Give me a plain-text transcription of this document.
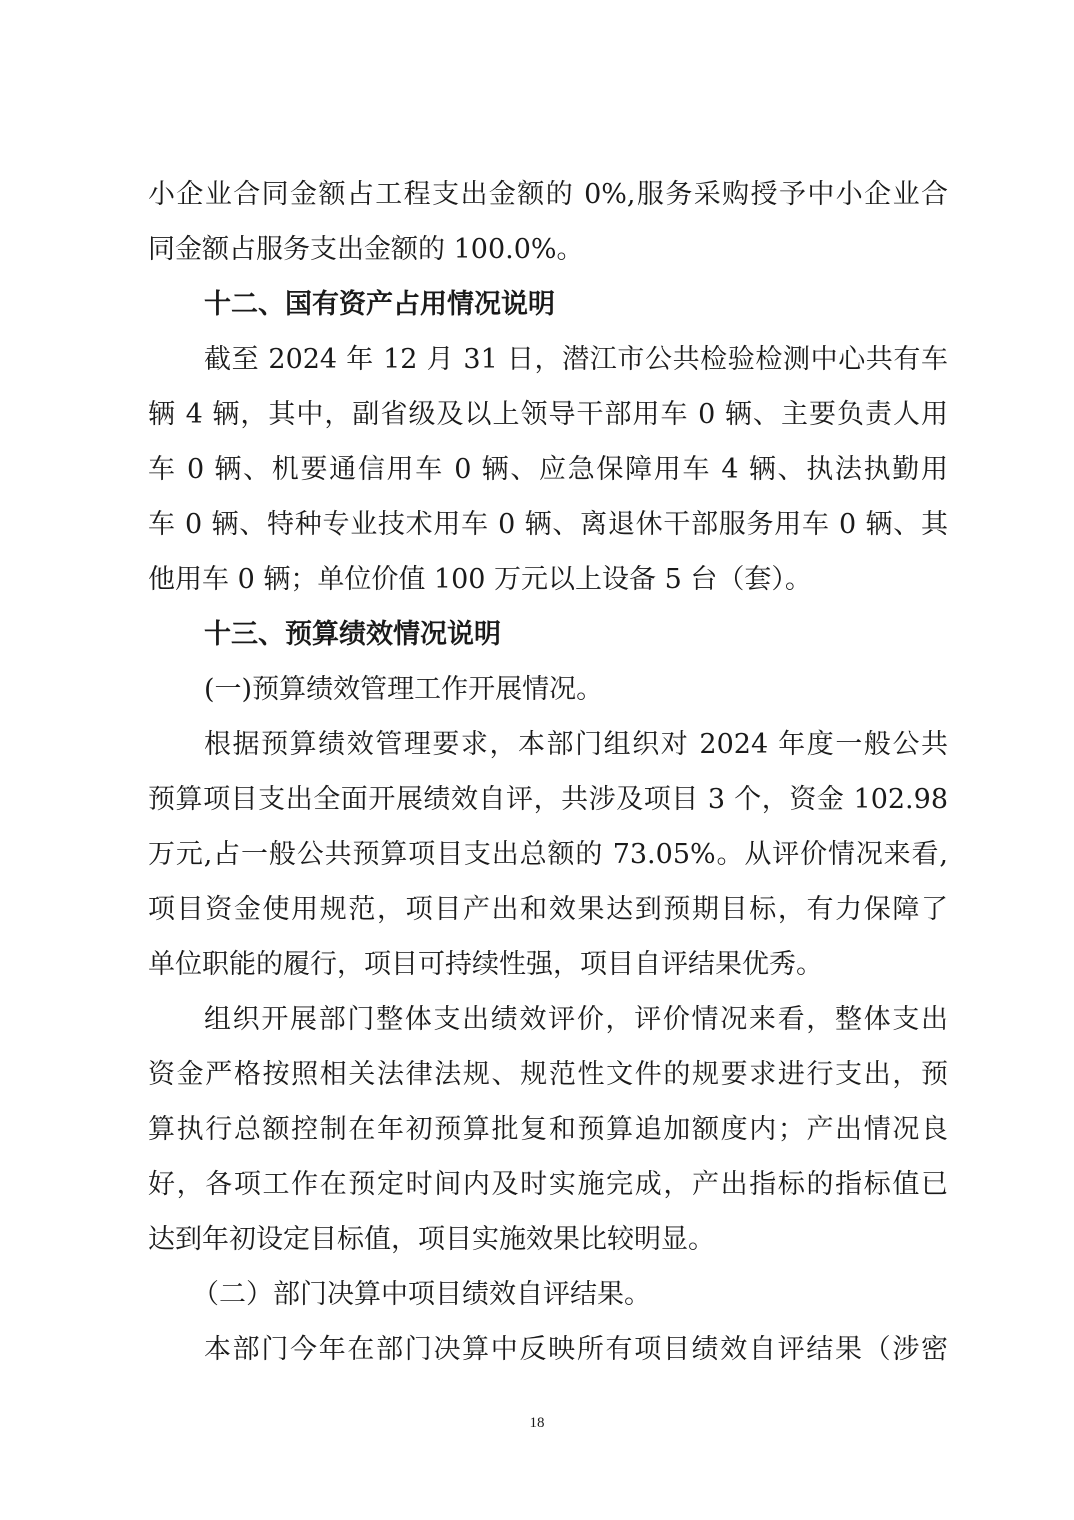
小企业合同金额占工程支出金额的 0%,服务采购授予中小企业合

同金额占服务支出金额的 100.0%。

十二、国有资产占用情况说明

截至 2024 年 12 月 31 日，潜江市公共检验检测中心共有车

辆 4 辆，其中，副省级及以上领导干部用车 0 辆、主要负责人用

车 0 辆、机要通信用车 0 辆、应急保障用车 4 辆、执法执勤用

车 0 辆、特种专业技术用车 0 辆、离退休干部服务用车 0 辆、其

他用车 0 辆；单位价值 100 万元以上设备 5 台（套）。

十三、预算绩效情况说明

(一)预算绩效管理工作开展情况。

根据预算绩效管理要求，本部门组织对 2024 年度一般公共

预算项目支出全面开展绩效自评，共涉及项目 3 个，资金 102.98

万元,占一般公共预算项目支出总额的 73.05%。从评价情况来看,

项目资金使用规范，项目产出和效果达到预期目标，有力保障了

单位职能的履行，项目可持续性强，项目自评结果优秀。

组织开展部门整体支出绩效评价，评价情况来看，整体支出

资金严格按照相关法律法规、规范性文件的规要求进行支出，预

算执行总额控制在年初预算批复和预算追加额度内；产出情况良

好，各项工作在预定时间内及时实施完成，产出指标的指标值已

达到年初设定目标值，项目实施效果比较明显。

（二）部门决算中项目绩效自评结果。

本部门今年在部门决算中反映所有项目绩效自评结果（涉密

18
